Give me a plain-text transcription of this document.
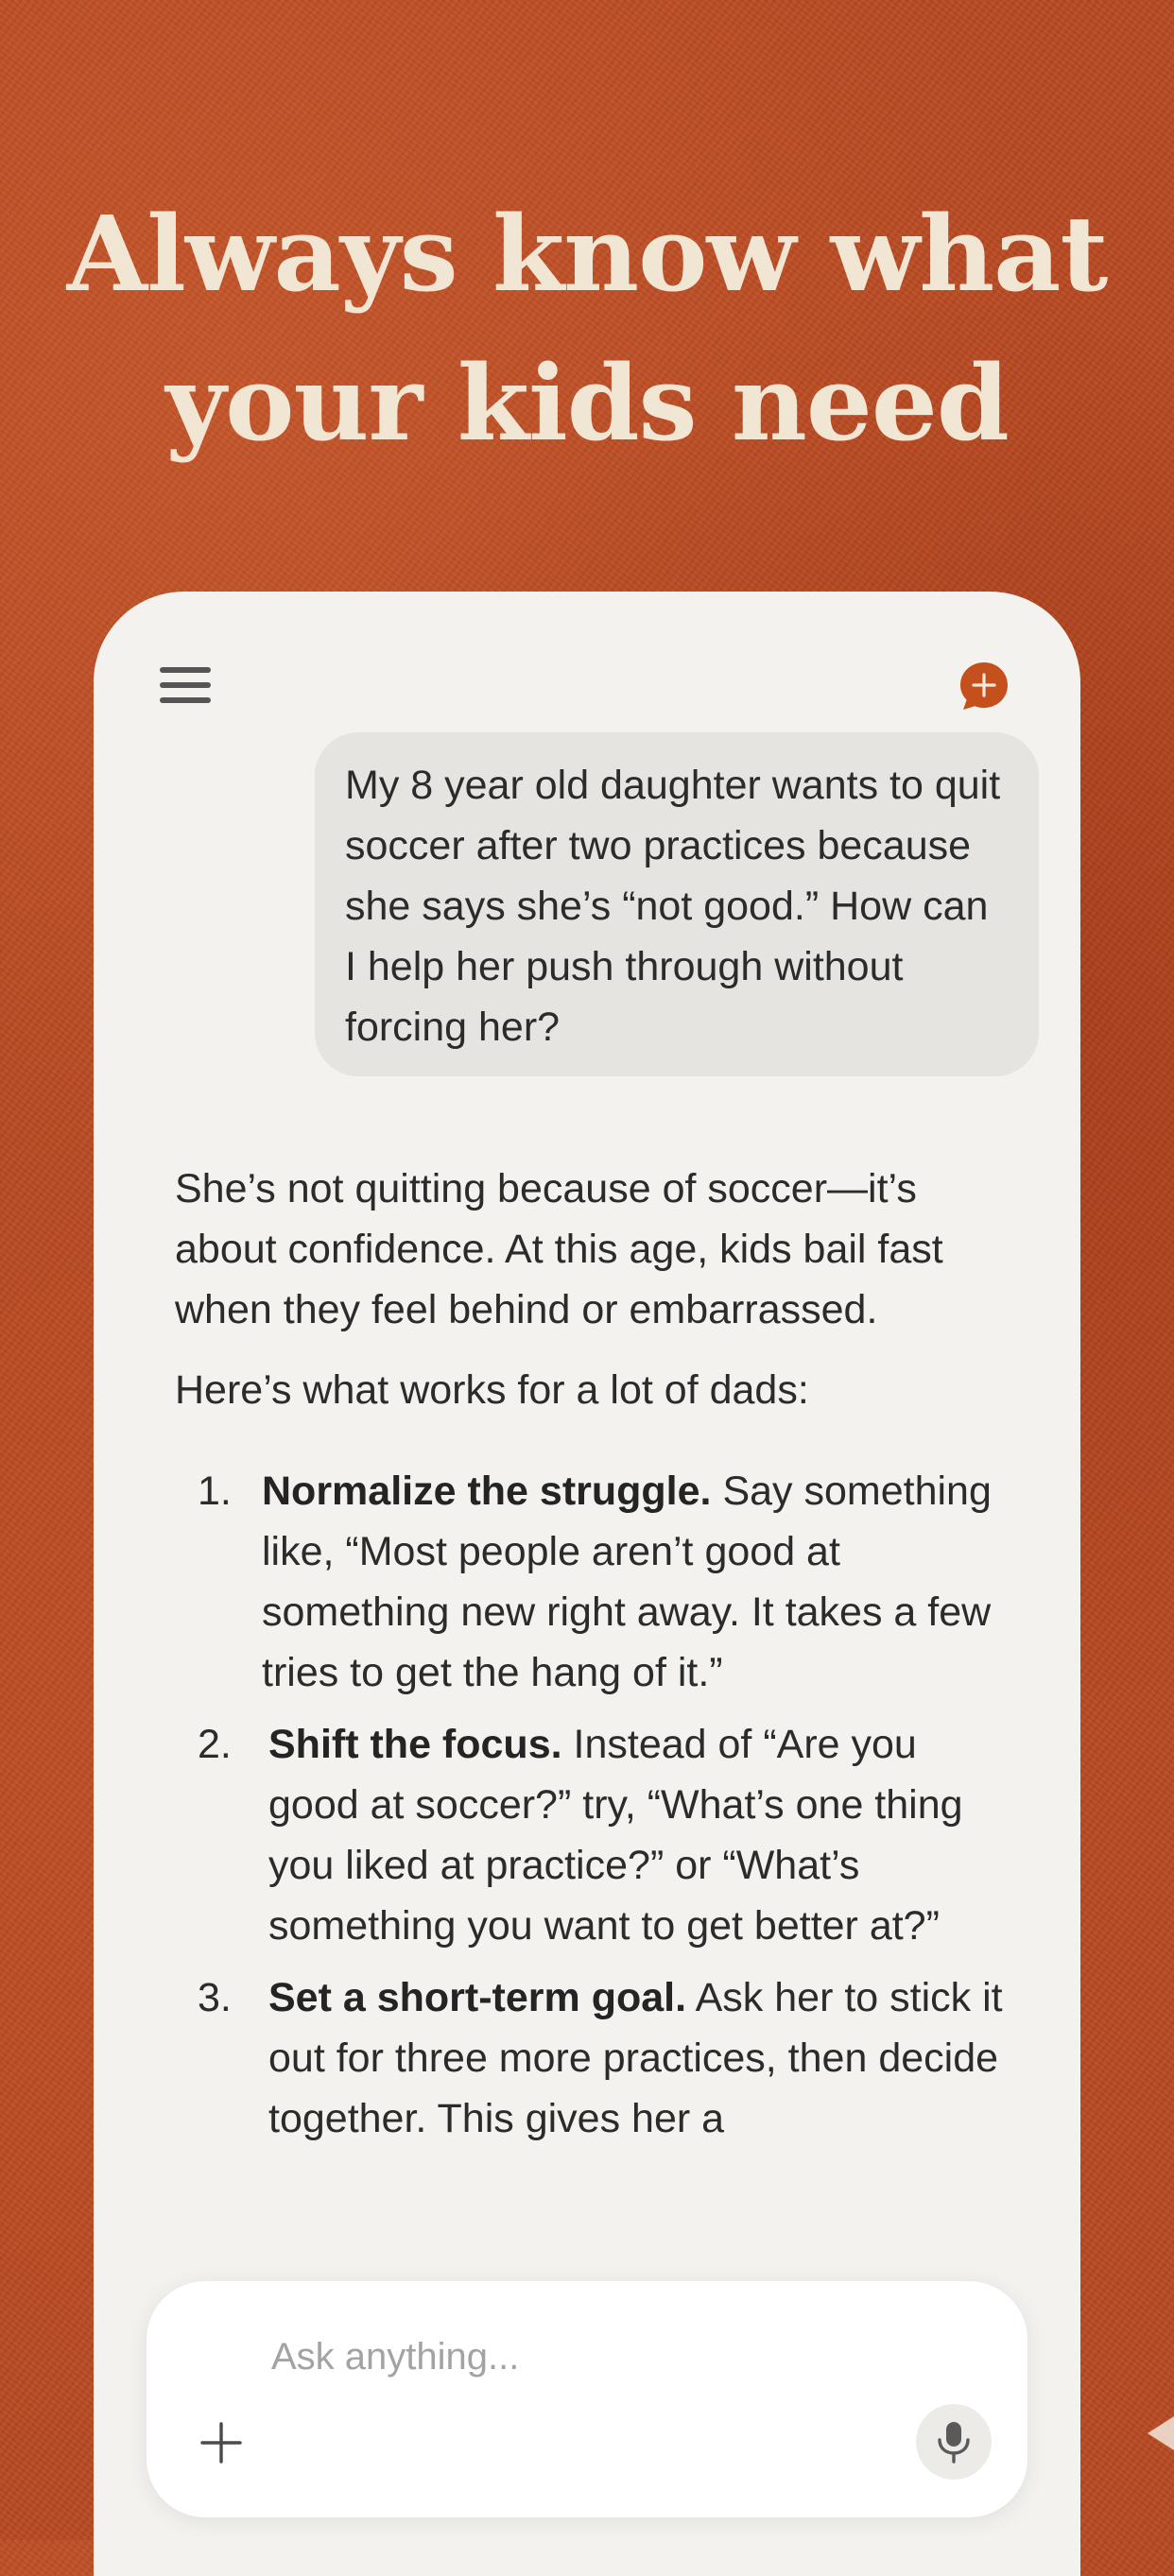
Always know what
your kids need
My 8 year old daughter wants to quit soccer after two practices because she says she’s “not good.” How can I help her push through without forcing her?

She’s not quitting because of soccer—it’s about confidence. At this age, kids bail fast when they feel behind or embarrassed.

Here’s what works for a lot of dads:

1. Normalize the struggle. Say something like, “Most people aren’t good at something new right away. It takes a few tries to get the hang of it.”
2. Shift the focus. Instead of “Are you good at soccer?” try, “What’s one thing you liked at practice?” or “What’s something you want to get better at?”
3. Set a short-term goal. Ask her to stick it out for three more practices, then decide together. This gives her a
Ask anything...
